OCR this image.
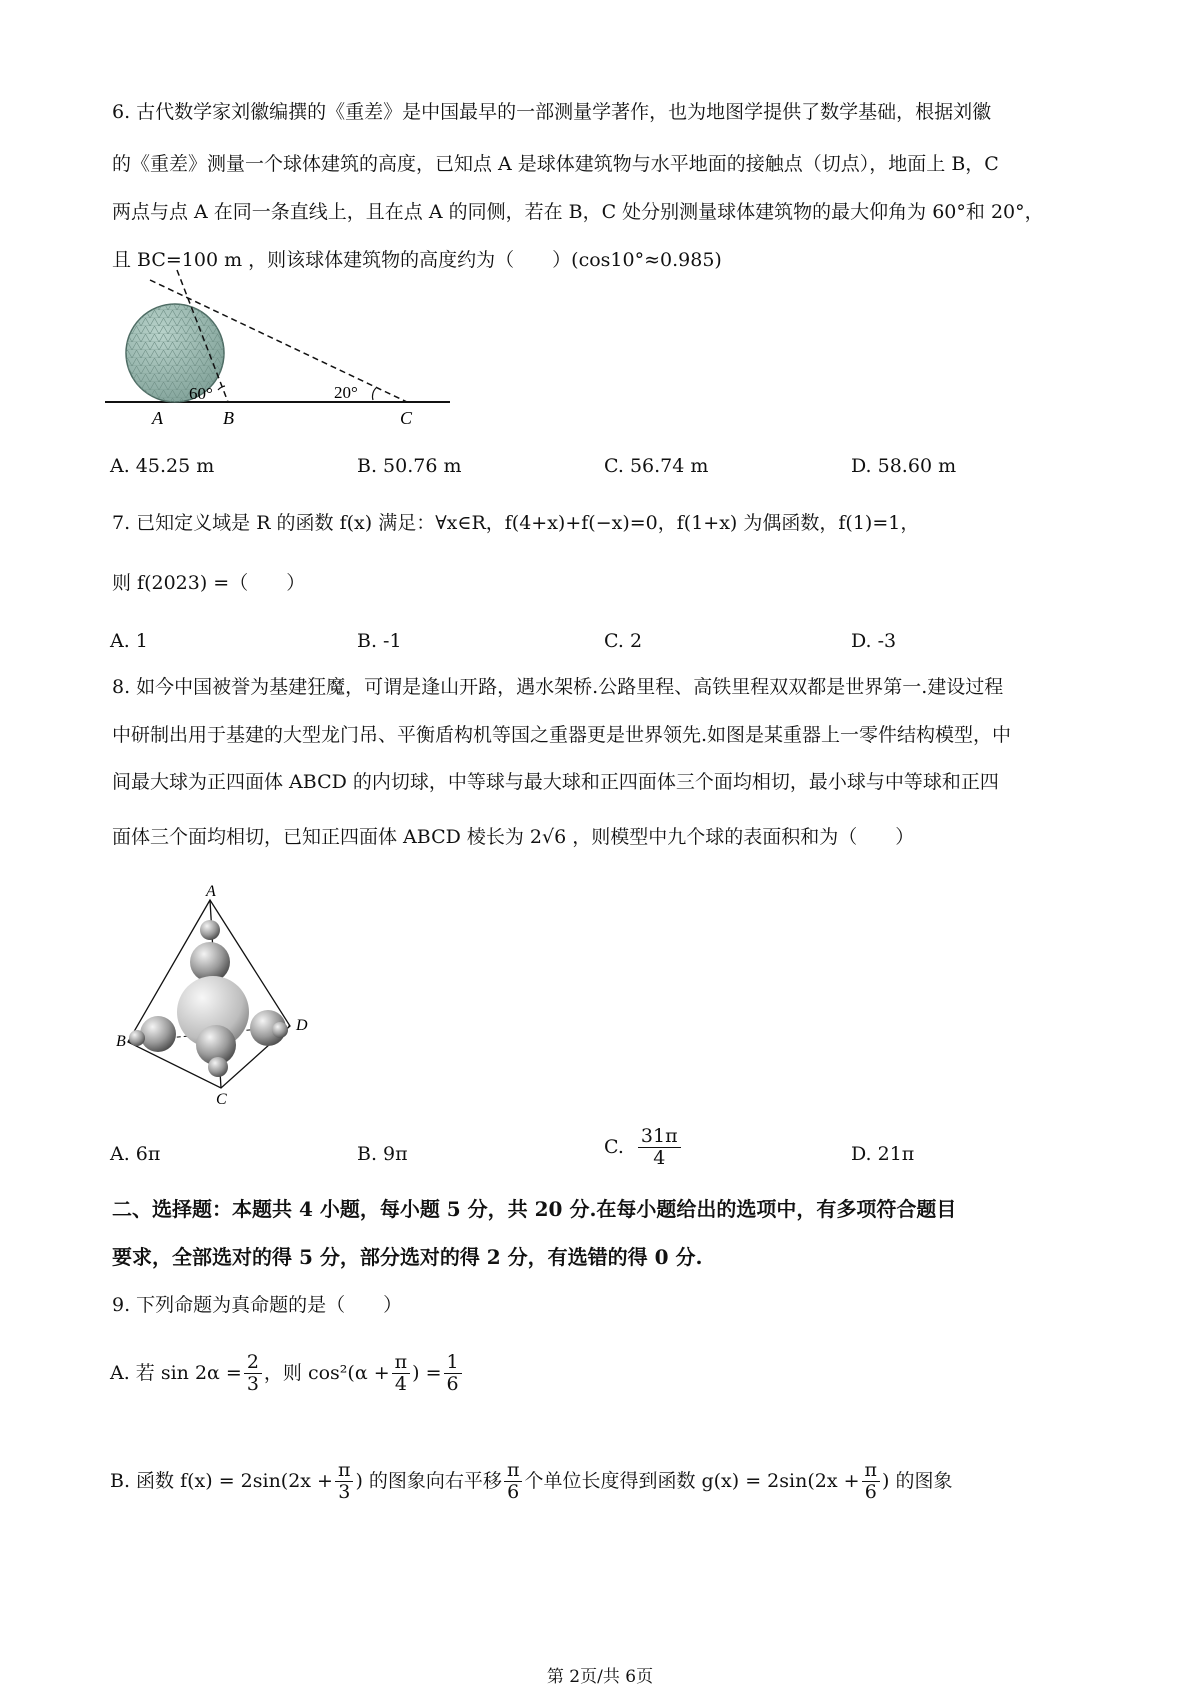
6. 古代数学家刘徽编撰的《重差》是中国最早的一部测量学著作，也为地图学提供了数学基础，根据刘徽
的《重差》测量一个球体建筑的高度，已知点 A 是球体建筑物与水平地面的接触点（切点），地面上 B，C
两点与点 A 在同一条直线上，且在点 A 的同侧，若在 B，C 处分别测量球体建筑物的最大仰角为 60°和 20°，
且 BC=100 m ，则该球体建筑物的高度约为（　　）(cos10°≈0.985)
60°	20°
A	B	C
A. 45.25 m	B. 50.76 m	C. 56.74 m	D. 58.60 m
7. 已知定义域是 R 的函数 f(x) 满足：∀x∈R，f(4+x)+f(−x)=0，f(1+x) 为偶函数，f(1)=1，
则 f(2023) =（　　）
A. 1	B. -1	C. 2	D. -3
8. 如今中国被誉为基建狂魔，可谓是逢山开路，遇水架桥.公路里程、高铁里程双双都是世界第一.建设过程
中研制出用于基建的大型龙门吊、平衡盾构机等国之重器更是世界领先.如图是某重器上一零件结构模型，中
间最大球为正四面体 ABCD 的内切球，中等球与最大球和正四面体三个面均相切，最小球与中等球和正四
面体三个面均相切，已知正四面体 ABCD 棱长为 2√6 ，则模型中九个球的表面积和为（　　）
A
B
C
D
A. 6π	B. 9π	C. $\frac{31\pi}{4}$	D. 21π
二、选择题：本题共 4 小题，每小题 5 分，共 20 分.在每小题给出的选项中，有多项符合题目
要求，全部选对的得 5 分，部分选对的得 2 分，有选错的得 0 分.
9. 下列命题为真命题的是（　　）
A. 若 $\sin 2\alpha = \frac{2}{3}$ ，则 $\cos^2(\alpha + \frac{\pi}{4}$ ) = $\frac{1}{6}$
B. 函数 $f(x) = 2\sin(2x + \frac{\pi}{3}$ ) 的图象向右平移 $\frac{\pi}{6}$ 个单位长度得到函数 $g(x) = 2\sin(2x + \frac{\pi}{6}$ ) 的图象
第 2页/共 6页
